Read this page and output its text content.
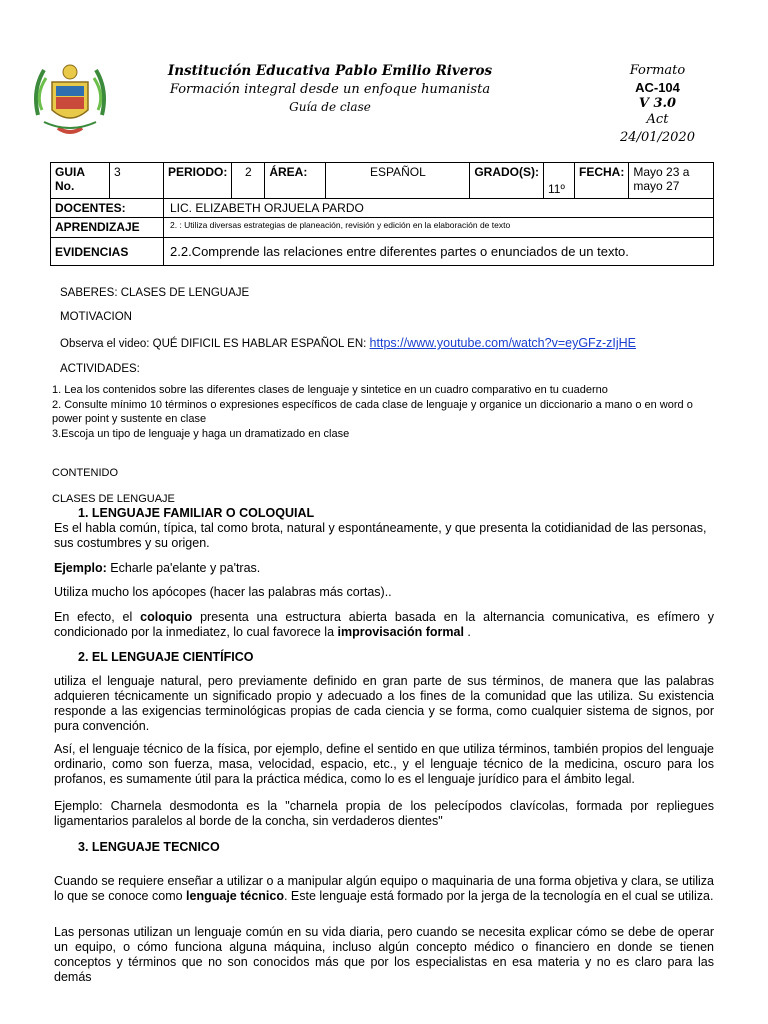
Institución Educativa Pablo Emilio Riveros
Formación integral desde un enfoque humanista
Guía de clase
Formato
AC-104
V 3.0
Act
24/01/2020
GUIA No.	3	PERIODO:	2	ÁREA:	ESPAÑOL	GRADO(S):	11º	FECHA:	Mayo 23 a mayo 27
DOCENTES:		LIC. ELIZABETH ORJUELA PARDO							
APRENDIZAJE		2. : Utiliza diversas estrategias de planeación, revisión y edición en la elaboración de texto							
EVIDENCIAS		2.2.Comprende las relaciones entre diferentes partes o enunciados de un texto.							
SABERES: CLASES DE LENGUAJE
MOTIVACION
Observa el video: QUÉ DIFICIL ES HABLAR ESPAÑOL EN: https://www.youtube.com/watch?v=eyGFz-zIjHE
ACTIVIDADES:
1. Lea los contenidos sobre las diferentes clases de lenguaje y sintetice en un cuadro comparativo en tu cuaderno
2. Consulte mínimo 10 términos o expresiones específicos de cada clase de lenguaje y organice un diccionario a mano o en word o power point y sustente en clase
3.Escoja un tipo de lenguaje y haga un dramatizado en clase
CONTENIDO
CLASES DE LENGUAJE
1. LENGUAJE FAMILIAR O COLOQUIAL
Es el habla común, típica, tal como brota, natural y espontáneamente, y que presenta la cotidianidad de las personas, sus costumbres y su origen.
Ejemplo: Echarle pa'elante y pa'tras.
Utiliza mucho los apócopes (hacer las palabras más cortas)..
En efecto, el coloquio presenta una estructura abierta basada en la alternancia comunicativa, es efímero y condicionado por la inmediatez, lo cual favorece la improvisación formal .
2. EL LENGUAJE CIENTÍFICO
utiliza el lenguaje natural, pero previamente definido en gran parte de sus términos, de manera que las palabras adquieren técnicamente un significado propio y adecuado a los fines de la comunidad que las utiliza. Su existencia responde a las exigencias terminológicas propias de cada ciencia y se forma, como cualquier sistema de signos, por pura convención.
Así, el lenguaje técnico de la física, por ejemplo, define el sentido en que utiliza términos, también propios del lenguaje ordinario, como son fuerza, masa, velocidad, espacio, etc., y el lenguaje técnico de la medicina, oscuro para los profanos, es sumamente útil para la práctica médica, como lo es el lenguaje jurídico para el ámbito legal.
Ejemplo: Charnela desmodonta es la "charnela propia de los pelecípodos clavícolas, formada por repliegues ligamentarios paralelos al borde de la concha, sin verdaderos dientes"
3. LENGUAJE TECNICO
Cuando se requiere enseñar a utilizar o a manipular algún equipo o maquinaria de una forma objetiva y clara, se utiliza lo que se conoce como lenguaje técnico. Este lenguaje está formado por la jerga de la tecnología en el cual se utiliza.
Las personas utilizan un lenguaje común en su vida diaria, pero cuando se necesita explicar cómo se debe de operar un equipo, o cómo funciona alguna máquina, incluso algún concepto médico o financiero en donde se tienen conceptos y términos que no son conocidos más que por los especialistas en esa materia y no es claro para las demás
